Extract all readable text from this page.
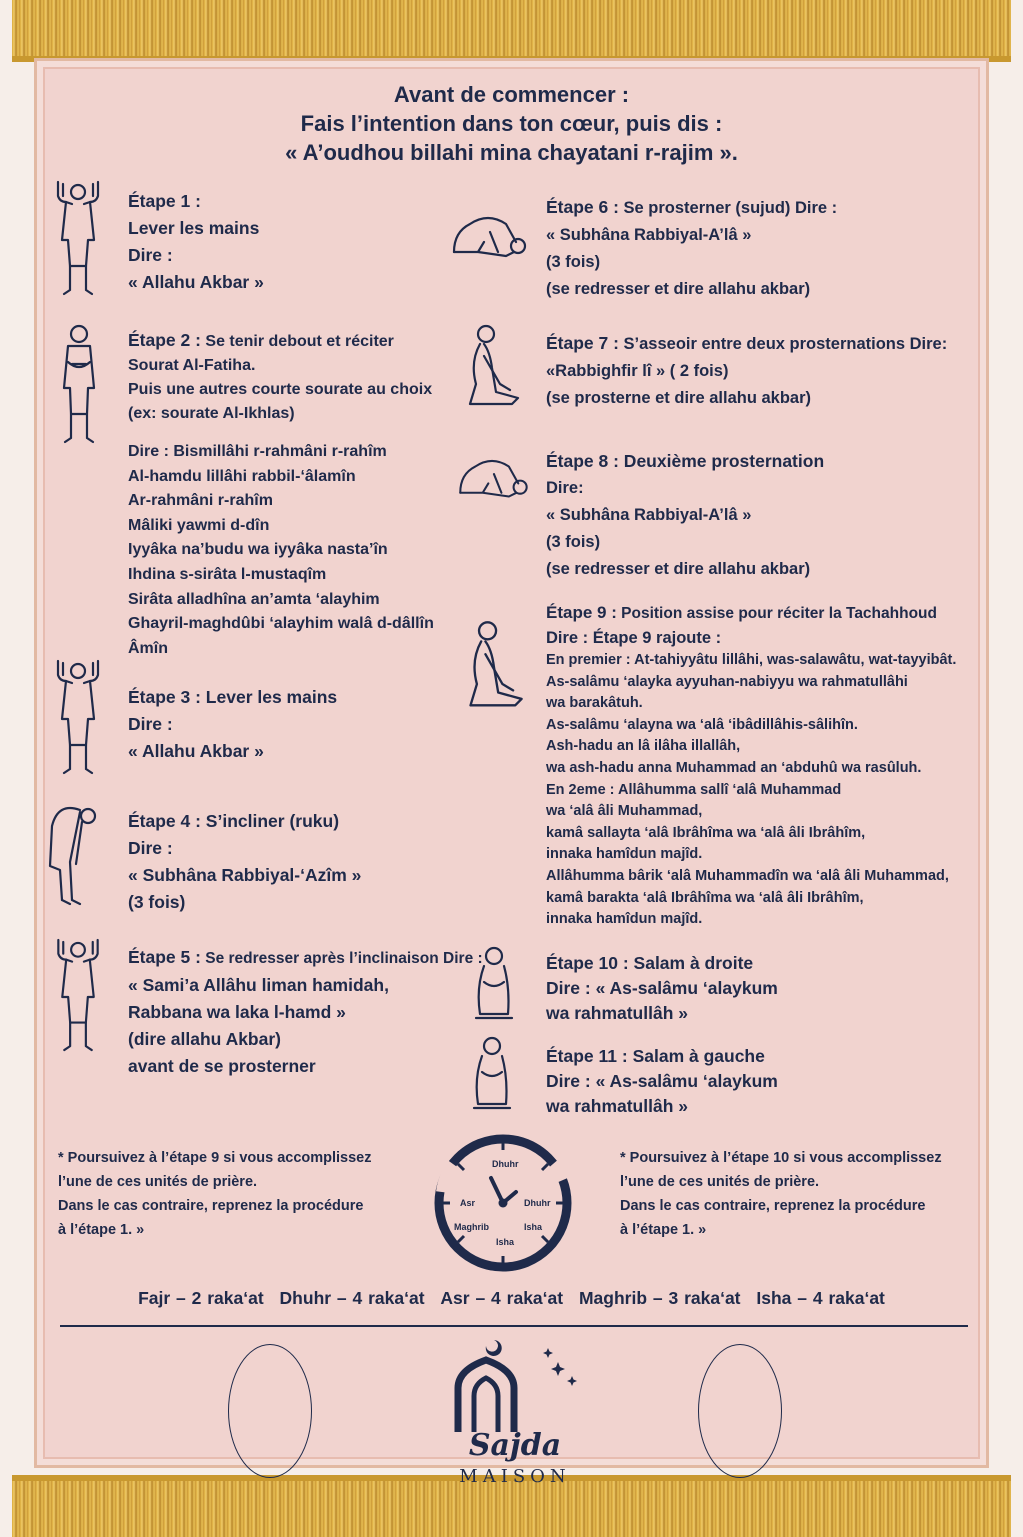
Avant de commencer :
Fais l’intention dans ton cœur, puis dis :
« A’oudhou billahi mina chayatani r-rajim ».
Étape 1 :
Lever les mains
Dire :
« Allahu Akbar »
Étape 2 : Se tenir debout et réciter
Sourat Al-Fatiha.
Puis une autres courte sourate au choix
(ex: sourate Al-Ikhlas)
Dire : Bismillâhi r-rahmâni r-rahîm
Al-hamdu lillâhi rabbil-‘âlamîn
Ar-rahmâni r-rahîm
Mâliki yawmi d-dîn
Iyyâka na’budu wa iyyâka nasta’în
Ihdina s-sirâta l-mustaqîm
Sirâta alladhîna an’amta ‘alayhim
Ghayril-maghdûbi ‘alayhim walâ d-dâllîn
Âmîn
Étape 3 : Lever les mains
Dire :
« Allahu Akbar »
Étape 4 : S’incliner (ruku)
Dire :
« Subhâna Rabbiyal-‘Azîm »
(3 fois)
Étape 5 : Se redresser après l’inclinaison Dire :
« Sami’a Allâhu liman hamidah,
Rabbana wa laka l-hamd »
(dire allahu Akbar)
avant de se prosterner
Étape 6 : Se prosterner (sujud) Dire :
« Subhâna Rabbiyal-A’lâ »
(3 fois)
(se redresser et dire allahu akbar)
Étape 7 : S’asseoir entre deux prosternations Dire:
«Rabbighfir lî » ( 2 fois)
(se prosterne et dire allahu akbar)
Étape 8 : Deuxième prosternation
Dire:
« Subhâna Rabbiyal-A’lâ »
(3 fois)
(se redresser et dire allahu akbar)
Étape 9 : Position assise pour réciter la Tachahhoud
Dire : Étape 9 rajoute :
En premier : At-tahiyyâtu lillâhi, was-salawâtu, wat-tayyibât.
As-salâmu ‘alayka ayyuhan-nabiyyu wa rahmatullâhi
wa barakâtuh.
As-salâmu ‘alayna wa ‘alâ ‘ibâdillâhis-sâlihîn.
Ash-hadu an lâ ilâha illallâh,
wa ash-hadu anna Muhammad an ‘abduhû wa rasûluh.
En 2eme : Allâhumma sallî ‘alâ Muhammad
wa ‘alâ âli Muhammad,
kamâ sallayta ‘alâ Ibrâhîma wa ‘alâ âli Ibrâhîm,
innaka hamîdun majîd.
Allâhumma bârik ‘alâ Muhammadîn wa ‘alâ âli Muhammad,
kamâ barakta ‘alâ Ibrâhîma wa ‘alâ âli Ibrâhîm,
innaka hamîdun majîd.
Étape 10 : Salam à droite
Dire : « As-salâmu ‘alaykum
wa rahmatullâh »
Étape 11 : Salam à gauche
Dire : « As-salâmu ‘alaykum
wa rahmatullâh »
* Poursuivez à l’étape 9 si vous accomplissez
l’une de ces unités de prière.
Dans le cas contraire, reprenez la procédure
à l’étape 1. »
* Poursuivez à l’étape 10 si vous accomplissez
l’une de ces unités de prière.
Dans le cas contraire, reprenez la procédure
à l’étape 1. »
Dhuhr
Asr	Dhuhr
Maghrib	Isha
Isha
Fajr – 2 raka‘at Dhuhr – 4 raka‘at Asr – 4 raka‘at Maghrib – 3 raka‘at Isha – 4 raka‘at
Sajda
MAISON
